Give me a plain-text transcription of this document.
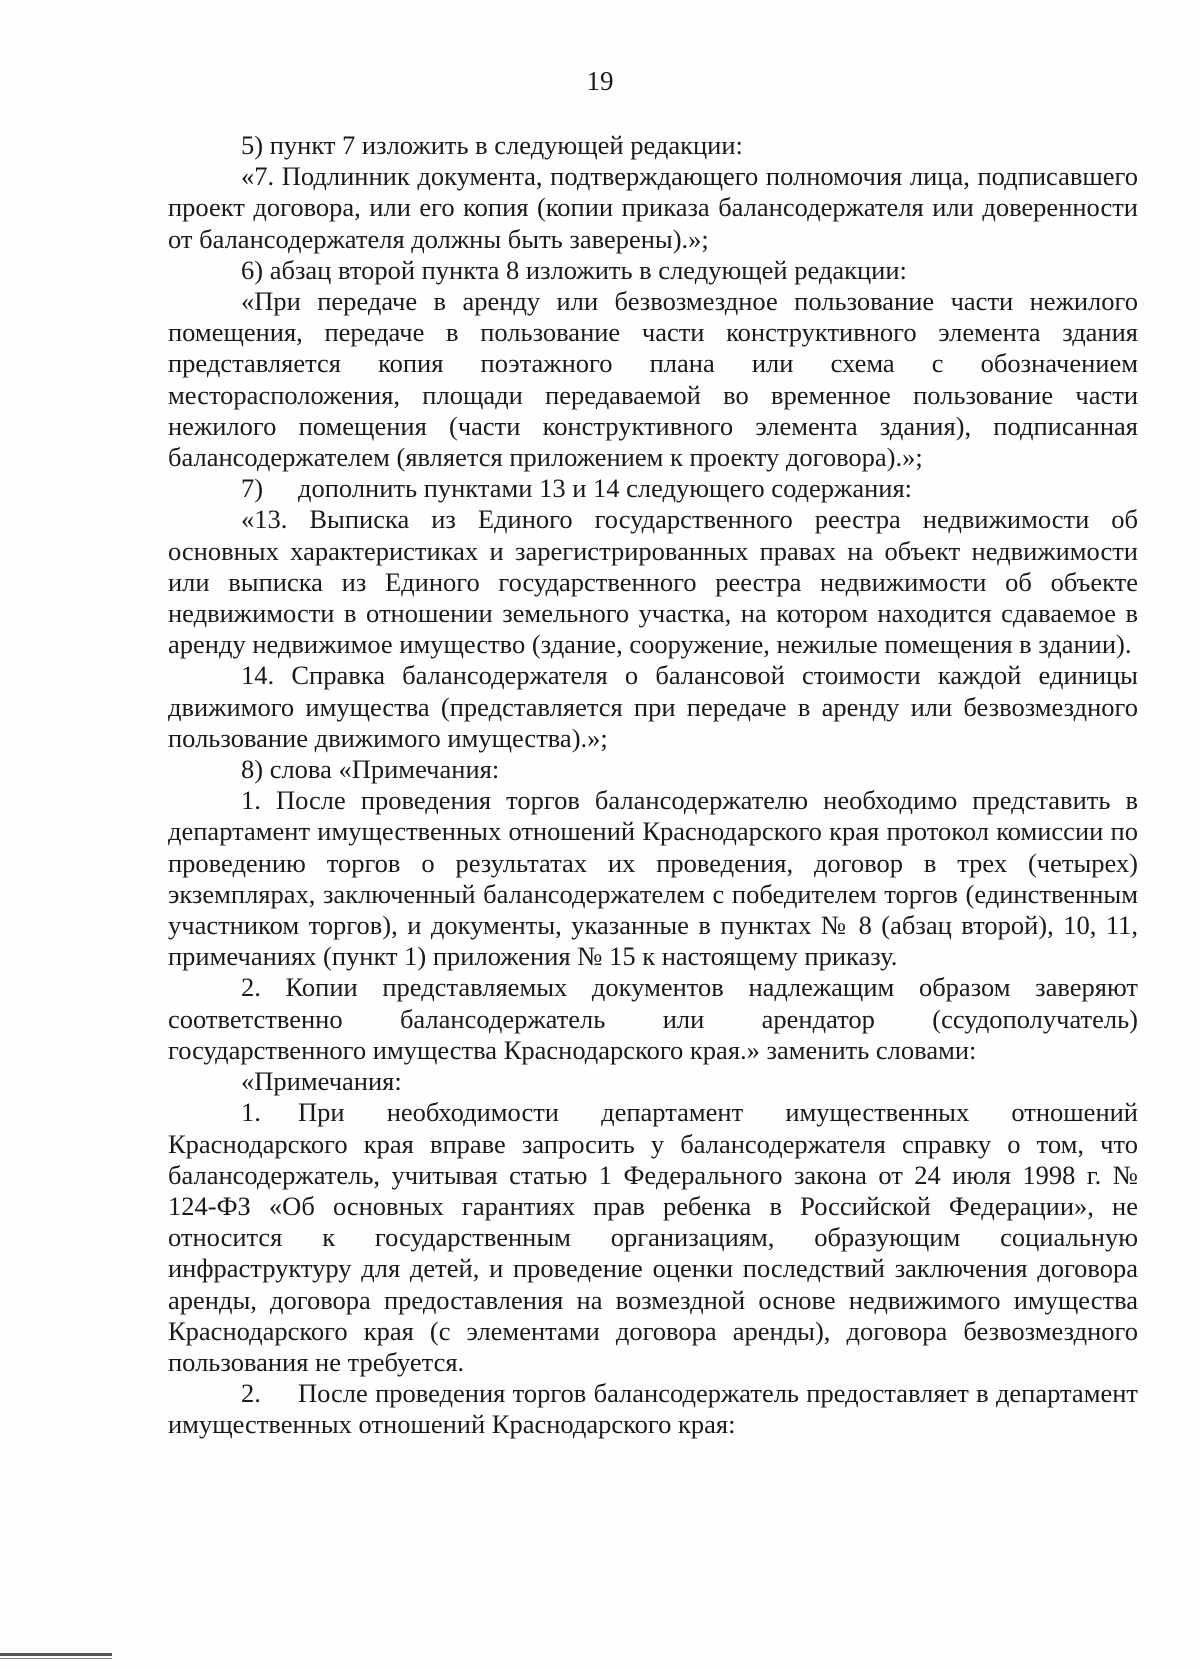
19

5) пункт 7 изложить в следующей редакции:

«7. Подлинник документа, подтверждающего полномочия лица, подписавшего проект договора, или его копия (копии приказа балансодержателя или доверенности от балансодержателя должны быть заверены).»;

6) абзац второй пункта 8 изложить в следующей редакции:

«При передаче в аренду или безвозмездное пользование части нежилого помещения, передаче в пользование части конструктивного элемента здания представляется копия поэтажного плана или схема с обозначением месторасположения, площади передаваемой во временное пользование части нежилого помещения (части конструктивного элемента здания), подписанная балансодержателем (является приложением к проекту договора).»;

7) дополнить пунктами 13 и 14 следующего содержания:

«13. Выписка из Единого государственного реестра недвижимости об основных характеристиках и зарегистрированных правах на объект недвижимости или выписка из Единого государственного реестра недвижимости об объекте недвижимости в отношении земельного участка, на котором находится сдаваемое в аренду недвижимое имущество (здание, сооружение, нежилые помещения в здании).

14. Справка балансодержателя о балансовой стоимости каждой единицы движимого имущества (представляется при передаче в аренду или безвозмездного пользование движимого имущества).»;

8) слова «Примечания:

1. После проведения торгов балансодержателю необходимо представить в департамент имущественных отношений Краснодарского края протокол комиссии по проведению торгов о результатах их проведения, договор в трех (четырех) экземплярах, заключенный балансодержателем с победителем торгов (единственным участником торгов), и документы, указанные в пунктах № 8 (абзац второй), 10, 11, примечаниях (пункт 1) приложения № 15 к настоящему приказу.

2. Копии представляемых документов надлежащим образом заверяют соответственно балансодержатель или арендатор (ссудополучатель) государственного имущества Краснодарского края.» заменить словами:

«Примечания:

1. При необходимости департамент имущественных отношений Краснодарского края вправе запросить у балансодержателя справку о том, что балансодержатель, учитывая статью 1 Федерального закона от 24 июля 1998 г. № 124-ФЗ «Об основных гарантиях прав ребенка в Российской Федерации», не относится к государственным организациям, образующим социальную инфраструктуру для детей, и проведение оценки последствий заключения договора аренды, договора предоставления на возмездной основе недвижимого имущества Краснодарского края (с элементами договора аренды), договора безвозмездного пользования не требуется.

2. После проведения торгов балансодержатель предоставляет в департамент имущественных отношений Краснодарского края:
